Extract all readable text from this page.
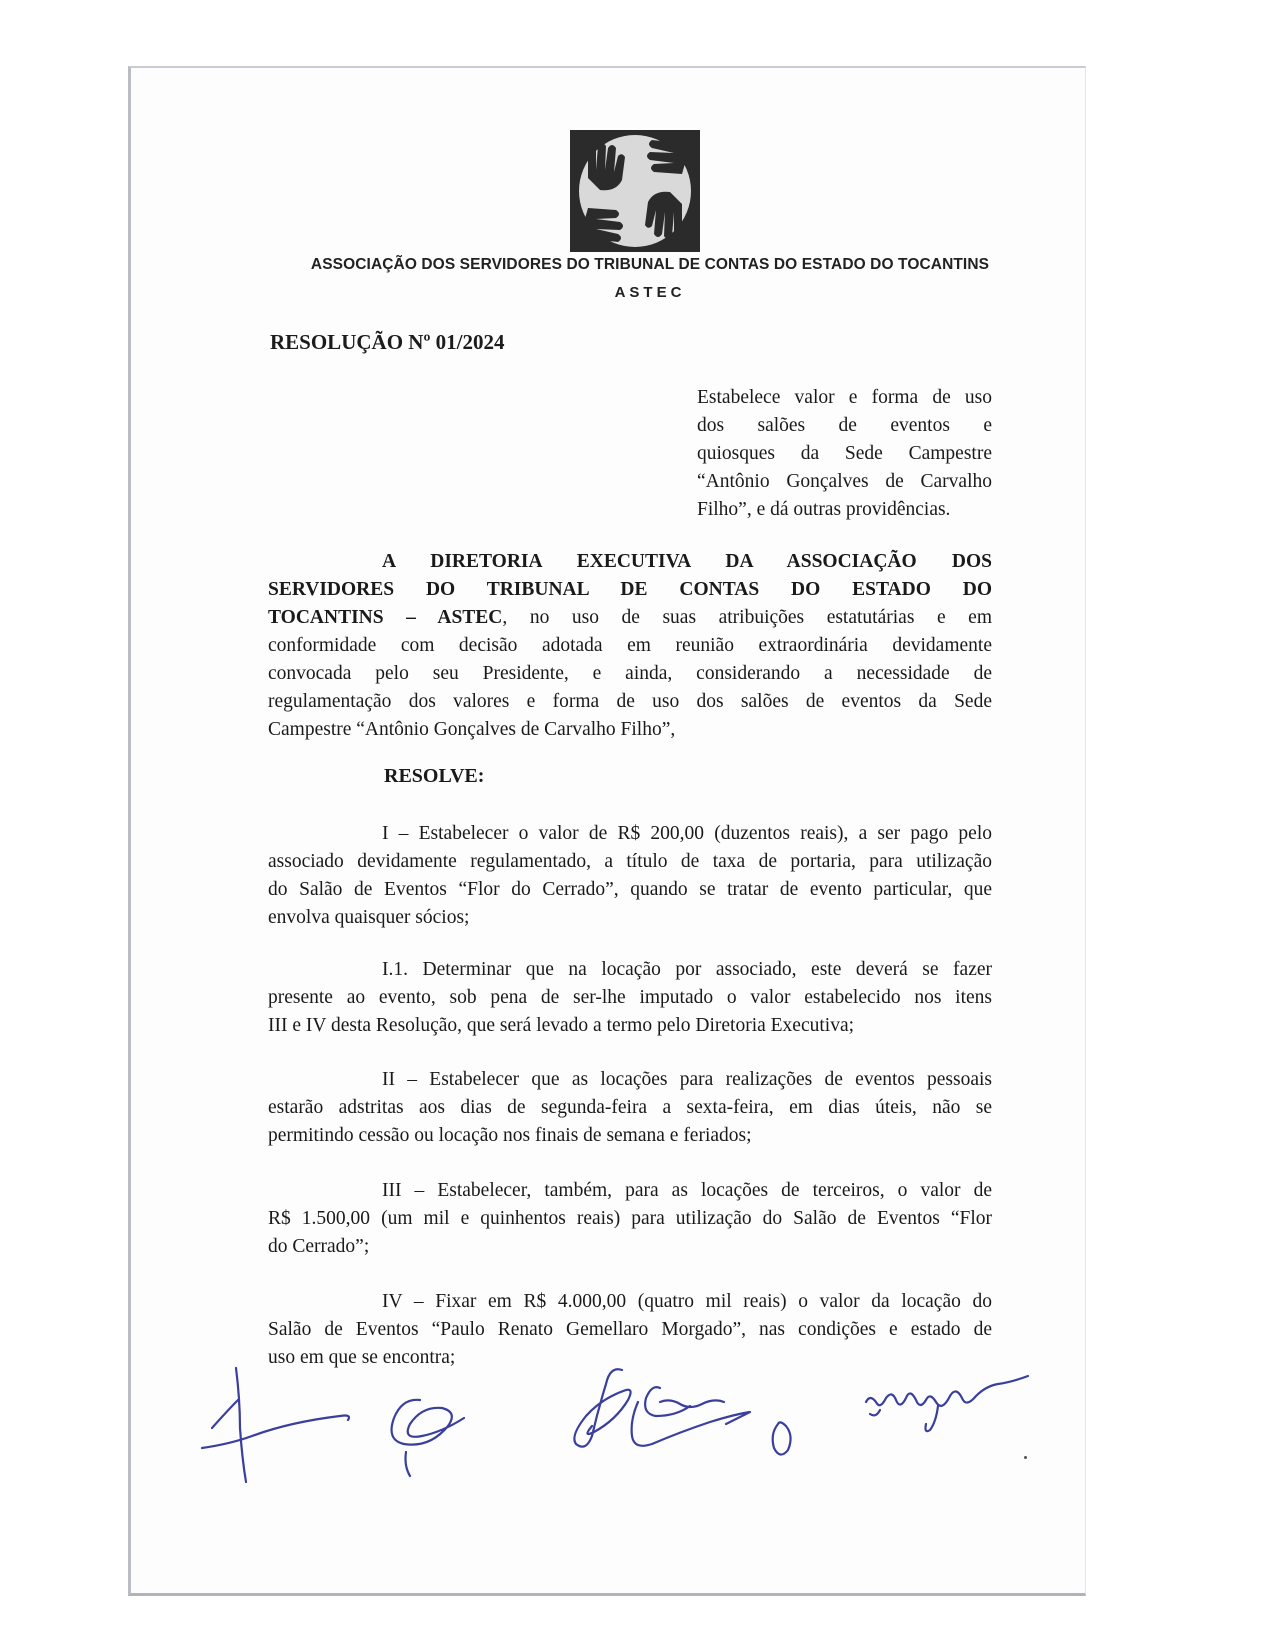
ASSOCIAÇÃO DOS SERVIDORES DO TRIBUNAL DE CONTAS DO ESTADO DO TOCANTINS
ASTEC
RESOLUÇÃO Nº 01/2024
Estabelece valor e forma de uso
dos salões de eventos e
quiosques da Sede Campestre
“Antônio Gonçalves de Carvalho
Filho”, e dá outras providências.
A DIRETORIA EXECUTIVA DA ASSOCIAÇÃO DOS
SERVIDORES DO TRIBUNAL DE CONTAS DO ESTADO DO
TOCANTINS – ASTEC, no uso de suas atribuições estatutárias e em
conformidade com decisão adotada em reunião extraordinária devidamente
convocada pelo seu Presidente, e ainda, considerando a necessidade de
regulamentação dos valores e forma de uso dos salões de eventos da Sede
Campestre “Antônio Gonçalves de Carvalho Filho”,
RESOLVE:
I – Estabelecer o valor de R$ 200,00 (duzentos reais), a ser pago pelo
associado devidamente regulamentado, a título de taxa de portaria, para utilização
do Salão de Eventos “Flor do Cerrado”, quando se tratar de evento particular, que
envolva quaisquer sócios;
I.1. Determinar que na locação por associado, este deverá se fazer
presente ao evento, sob pena de ser-lhe imputado o valor estabelecido nos itens
III e IV desta Resolução, que será levado a termo pelo Diretoria Executiva;
II – Estabelecer que as locações para realizações de eventos pessoais
estarão adstritas aos dias de segunda-feira a sexta-feira, em dias úteis, não se
permitindo cessão ou locação nos finais de semana e feriados;
III – Estabelecer, também, para as locações de terceiros, o valor de
R$ 1.500,00 (um mil e quinhentos reais) para utilização do Salão de Eventos “Flor
do Cerrado”;
IV – Fixar em R$ 4.000,00 (quatro mil reais) o valor da locação do
Salão de Eventos “Paulo Renato Gemellaro Morgado”, nas condições e estado de
uso em que se encontra;
